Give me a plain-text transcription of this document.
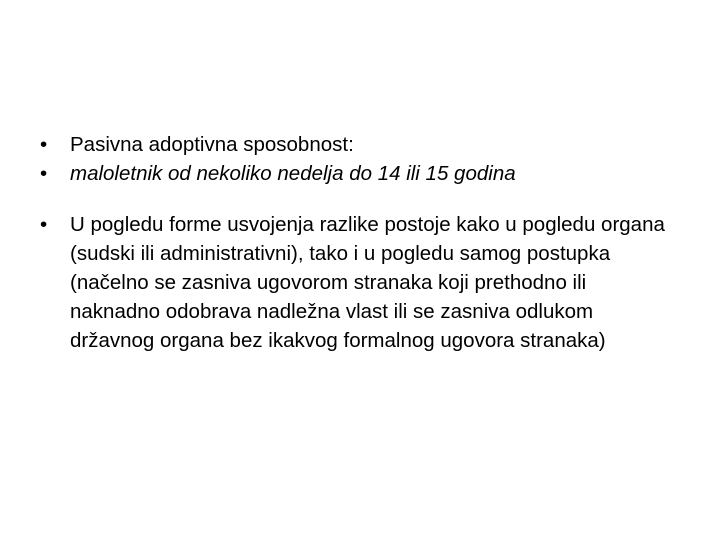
•	Pasivna adoptivna sposobnost:
•	maloletnik od nekoliko nedelja do 14 ili 15 godina
•	U pogledu forme usvojenja razlike postoje kako u pogledu organa (sudski ili administrativni), tako i u pogledu samog postupka (načelno se zasniva ugovorom stranaka koji prethodno ili naknadno odobrava nadležna vlast ili se zasniva odlukom državnog organa bez ikakvog formalnog ugovora stranaka)
